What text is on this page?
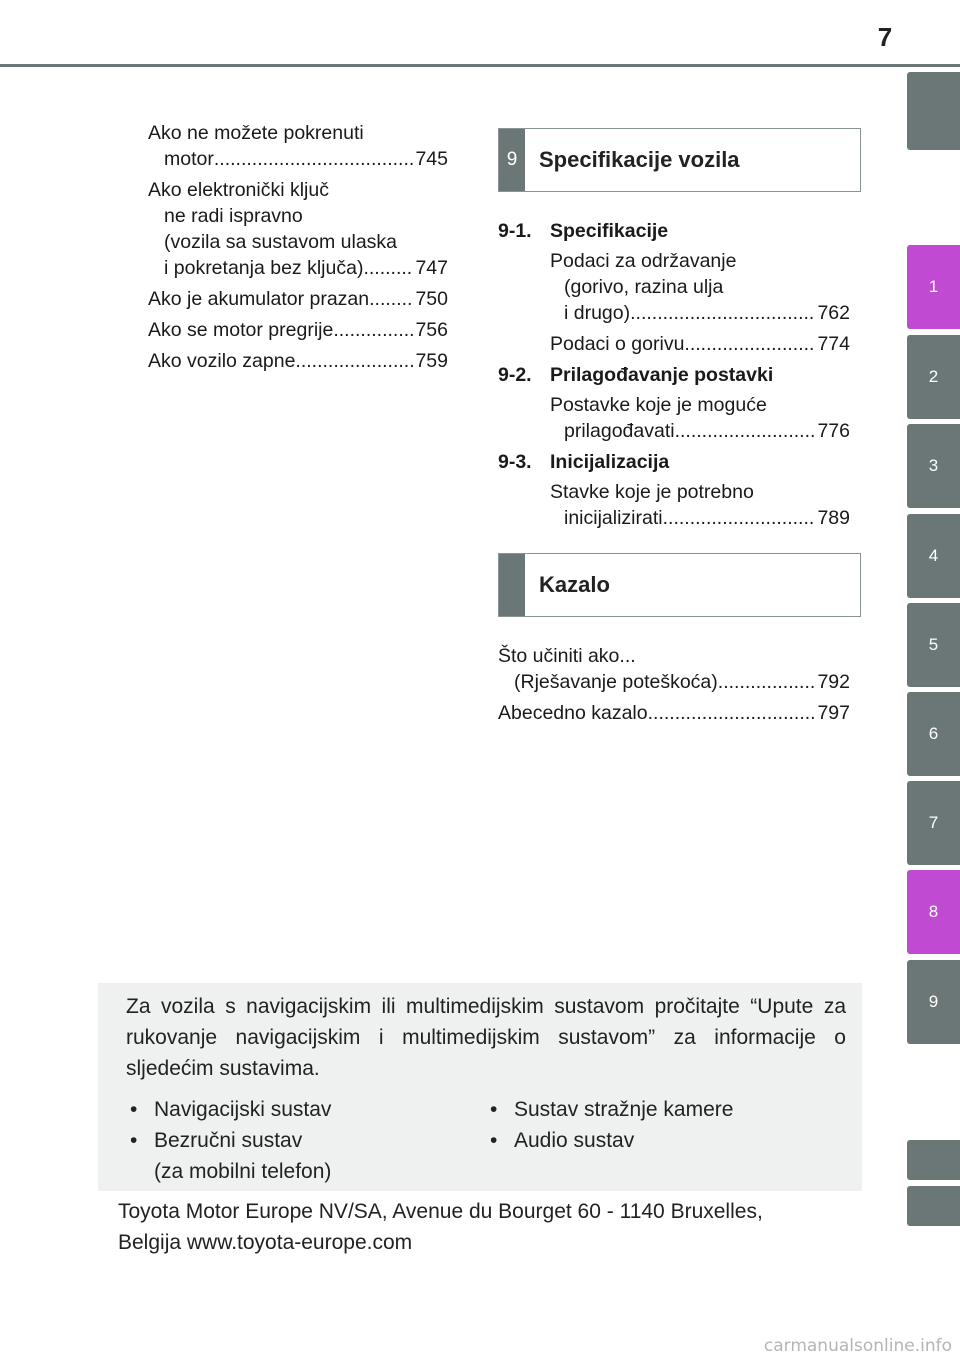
7
1
2
3
4
5
6
7
8
9
Ako ne možete pokrenuti
motor .....	745
Ako elektronički ključ
ne radi ispravno
(vozila sa sustavom ulaska
i pokretanja bez ključa) .....	747
Ako je akumulator prazan ..... 750
Ako se motor pregrije .....	756
Ako vozilo zapne .....	759
9 Specifikacije vozila
9-1. Specifikacije
Podaci za održavanje
(gorivo, razina ulja
i drugo) .....	762
Podaci o gorivu .....	774
9-2. Prilagođavanje postavki
Postavke koje je moguće
prilagođavati .....	776
9-3. Inicijalizacija
Stavke koje je potrebno
inicijalizirati .....	789
Kazalo
Što učiniti ako...
(Rješavanje poteškoća) .....	792
Abecedno kazalo .....	797
Za vozila s navigacijskim ili multimedijskim sustavom pročitajte “Upute za rukovanje navigacijskim i multimedijskim sustavom” za informacije o sljedećim sustavima.
• Navigacijski sustav
• Bezručni sustav
(za mobilni telefon)
• Sustav stražnje kamere
• Audio sustav
Toyota Motor Europe NV/SA, Avenue du Bourget 60 - 1140 Bruxelles,
Belgija www.toyota-europe.com
carmanualsonline.info
